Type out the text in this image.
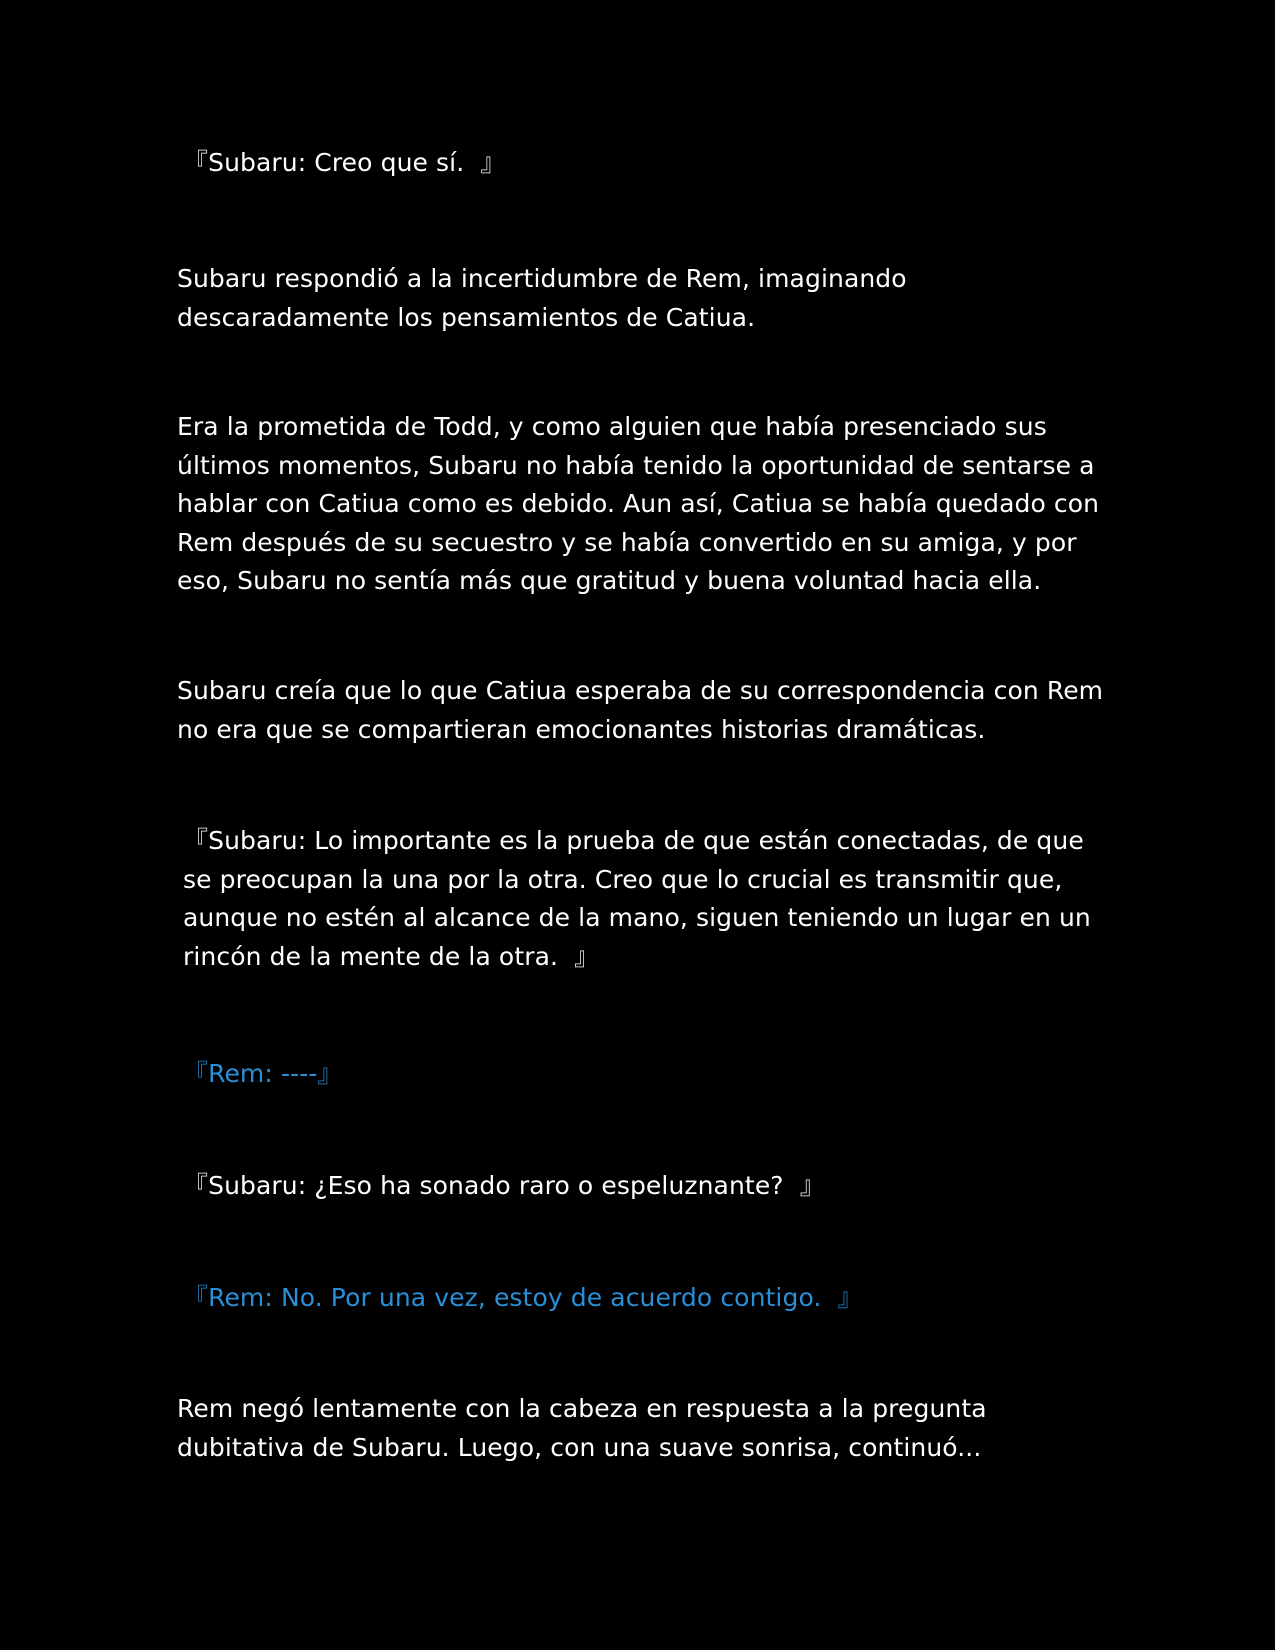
『Subaru: Creo que sí.  』

Subaru respondió a la incertidumbre de Rem, imaginando descaradamente los pensamientos de Catiua.

Era la prometida de Todd, y como alguien que había presenciado sus últimos momentos, Subaru no había tenido la oportunidad de sentarse a hablar con Catiua como es debido. Aun así, Catiua se había quedado con Rem después de su secuestro y se había convertido en su amiga, y por eso, Subaru no sentía más que gratitud y buena voluntad hacia ella.

Subaru creía que lo que Catiua esperaba de su correspondencia con Rem no era que se compartieran emocionantes historias dramáticas.

『Subaru: Lo importante es la prueba de que están conectadas, de que se preocupan la una por la otra. Creo que lo crucial es transmitir que, aunque no estén al alcance de la mano, siguen teniendo un lugar en un rincón de la mente de la otra.  』

『Rem: ----』

『Subaru: ¿Eso ha sonado raro o espeluznante?  』

『Rem: No. Por una vez, estoy de acuerdo contigo.  』

Rem negó lentamente con la cabeza en respuesta a la pregunta dubitativa de Subaru. Luego, con una suave sonrisa, continuó...
